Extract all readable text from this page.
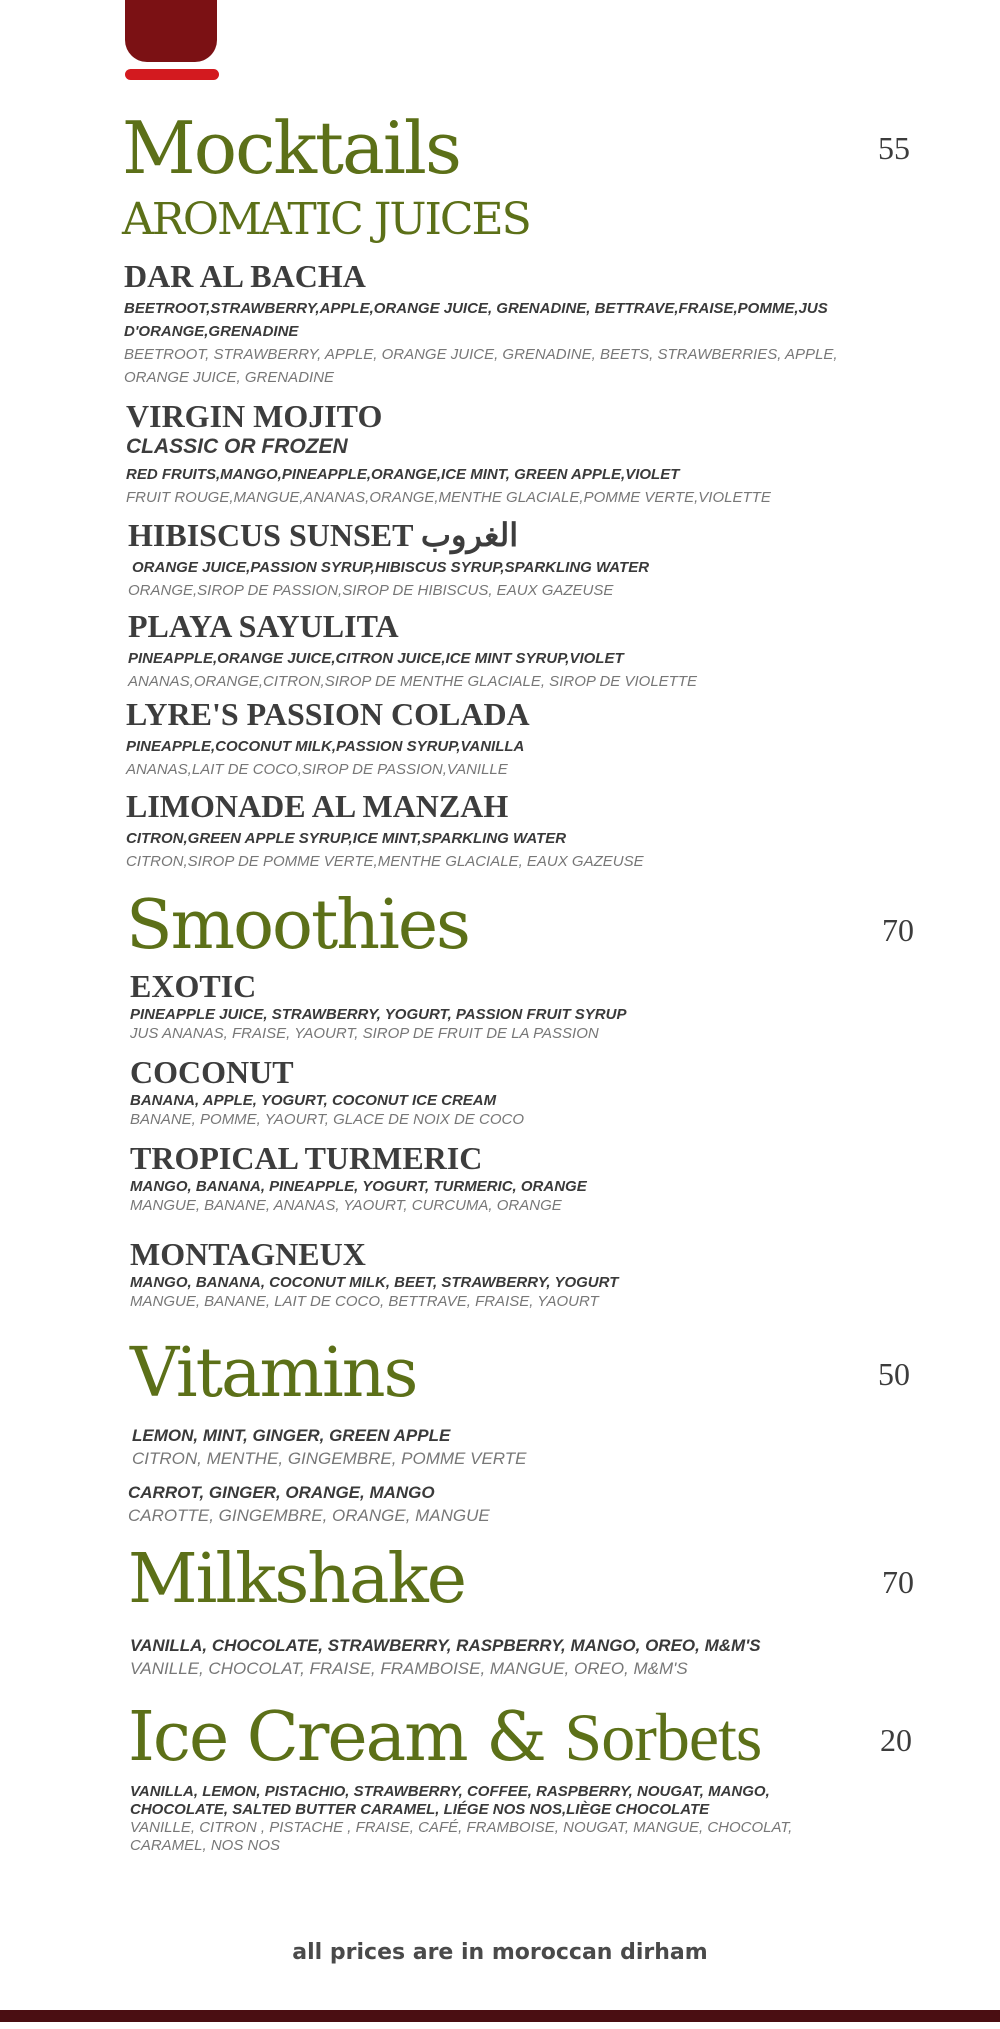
Mocktails	55
AROMATIC JUICES
DAR AL BACHA
BEETROOT,STRAWBERRY,APPLE,ORANGE JUICE, GRENADINE, BETTRAVE,FRAISE,POMME,JUS D'ORANGE,GRENADINE
BEETROOT, STRAWBERRY, APPLE, ORANGE JUICE, GRENADINE, BEETS, STRAWBERRIES, APPLE, ORANGE JUICE, GRENADINE
VIRGIN MOJITO
CLASSIC OR FROZEN
RED FRUITS,MANGO,PINEAPPLE,ORANGE,ICE MINT, GREEN APPLE,VIOLET
FRUIT ROUGE,MANGUE,ANANAS,ORANGE,MENTHE GLACIALE,POMME VERTE,VIOLETTE
HIBISCUS SUNSET الغروب
ORANGE JUICE,PASSION SYRUP,HIBISCUS SYRUP,SPARKLING WATER
ORANGE,SIROP DE PASSION,SIROP DE HIBISCUS, EAUX GAZEUSE
PLAYA SAYULITA
PINEAPPLE,ORANGE JUICE,CITRON JUICE,ICE MINT SYRUP,VIOLET
ANANAS,ORANGE,CITRON,SIROP DE MENTHE GLACIALE, SIROP DE VIOLETTE
LYRE'S PASSION COLADA
PINEAPPLE,COCONUT MILK,PASSION SYRUP,VANILLA
ANANAS,LAIT DE COCO,SIROP DE PASSION,VANILLE
LIMONADE AL MANZAH
CITRON,GREEN APPLE SYRUP,ICE MINT,SPARKLING WATER
CITRON,SIROP DE POMME VERTE,MENTHE GLACIALE, EAUX GAZEUSE
Smoothies	70
EXOTIC
PINEAPPLE JUICE, STRAWBERRY, YOGURT, PASSION FRUIT SYRUP
JUS ANANAS, FRAISE, YAOURT, SIROP DE FRUIT DE LA PASSION
COCONUT
BANANA, APPLE, YOGURT, COCONUT ICE CREAM
BANANE, POMME, YAOURT, GLACE DE NOIX DE COCO
TROPICAL TURMERIC
MANGO, BANANA, PINEAPPLE, YOGURT, TURMERIC, ORANGE
MANGUE, BANANE, ANANAS, YAOURT, CURCUMA, ORANGE
MONTAGNEUX
MANGO, BANANA, COCONUT MILK, BEET, STRAWBERRY, YOGURT
MANGUE, BANANE, LAIT DE COCO, BETTRAVE, FRAISE, YAOURT
Vitamins	50
LEMON, MINT, GINGER, GREEN APPLE
CITRON, MENTHE, GINGEMBRE, POMME VERTE
CARROT, GINGER, ORANGE, MANGO
CAROTTE, GINGEMBRE, ORANGE, MANGUE
Milkshake	70
VANILLA, CHOCOLATE, STRAWBERRY, RASPBERRY, MANGO, OREO, M&M'S
VANILLE, CHOCOLAT, FRAISE, FRAMBOISE, MANGUE, OREO, M&M'S
Ice Cream & Sorbets	20
VANILLA, LEMON, PISTACHIO, STRAWBERRY, COFFEE, RASPBERRY, NOUGAT, MANGO, CHOCOLATE, SALTED BUTTER CARAMEL, LIÉGE NOS NOS,LIÈGE CHOCOLATE
VANILLE, CITRON , PISTACHE , FRAISE, CAFÉ, FRAMBOISE, NOUGAT, MANGUE, CHOCOLAT, CARAMEL, NOS NOS
all prices are in moroccan dirham
